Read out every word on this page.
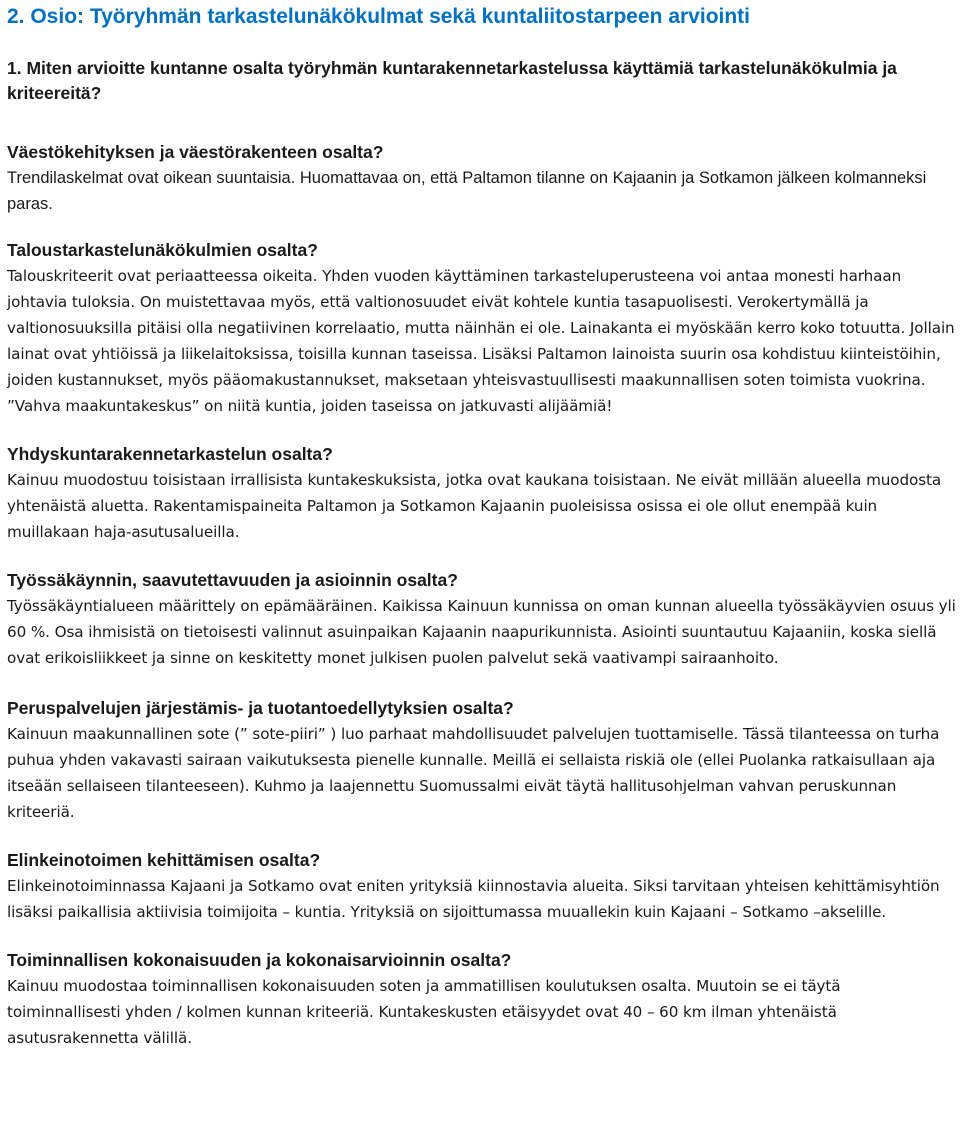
2. Osio: Työryhmän tarkastelunäkökulmat sekä kuntaliitostarpeen arviointi
1. Miten arvioitte kuntanne osalta työryhmän kuntarakennetarkastelussa käyttämiä tarkastelunäkökulmia ja kriteereitä?
Väestökehityksen ja väestörakenteen osalta?

Trendilaskelmat ovat oikean suuntaisia. Huomattavaa on, että Paltamon tilanne on Kajaanin ja Sotkamon jälkeen kolmanneksi paras.

Taloustarkastelunäkökulmien osalta?

Talouskriteerit ovat periaatteessa oikeita. Yhden vuoden käyttäminen tarkasteluperusteena voi antaa monesti harhaan johtavia tuloksia. On muistettavaa myös, että valtionosuudet eivät kohtele kuntia tasapuolisesti. Verokertymällä ja valtionosuuksilla pitäisi olla negatiivinen korrelaatio, mutta näinhän ei ole. Lainakanta ei myöskään kerro koko totuutta. Jollain lainat ovat yhtiöissä ja liikelaitoksissa, toisilla kunnan taseissa. Lisäksi Paltamon lainoista suurin osa kohdistuu kiinteistöihin, joiden kustannukset, myös pääomakustannukset, maksetaan yhteisvastuullisesti maakunnallisen soten toimista vuokrina. ”Vahva maakuntakeskus” on niitä kuntia, joiden taseissa on jatkuvasti alijäämiä!

Yhdyskuntarakennetarkastelun osalta?

Kainuu muodostuu toisistaan irrallisista kuntakeskuksista, jotka ovat kaukana toisistaan. Ne eivät millään alueella muodosta yhtenäistä aluetta. Rakentamispaineita Paltamon ja Sotkamon Kajaanin puoleisissa osissa ei ole ollut enempää kuin muillakaan haja-asutusalueilla.

Työssäkäynnin, saavutettavuuden ja asioinnin osalta?

Työssäkäyntialueen määrittely on epämääräinen. Kaikissa Kainuun kunnissa on oman kunnan alueella työssäkäyvien osuus yli 60 %. Osa ihmisistä on tietoisesti valinnut asuinpaikan Kajaanin naapurikunnista. Asiointi suuntautuu Kajaaniin, koska siellä ovat erikoisliikkeet ja sinne on keskitetty monet julkisen puolen palvelut sekä vaativampi sairaanhoito.

Peruspalvelujen järjestämis- ja tuotantoedellytyksien osalta?

Kainuun maakunnallinen sote (” sote-piiri” ) luo parhaat mahdollisuudet palvelujen tuottamiselle. Tässä tilanteessa on turha puhua yhden vakavasti sairaan vaikutuksesta pienelle kunnalle. Meillä ei sellaista riskiä ole (ellei Puolanka ratkaisullaan aja itseään sellaiseen tilanteeseen). Kuhmo ja laajennettu Suomussalmi eivät täytä hallitusohjelman vahvan peruskunnan kriteeriä.

Elinkeinotoimen kehittämisen osalta?

Elinkeinotoiminnassa Kajaani ja Sotkamo ovat eniten yrityksiä kiinnostavia alueita. Siksi tarvitaan yhteisen kehittämisyhtiön lisäksi paikallisia aktiivisia toimijoita – kuntia. Yrityksiä on sijoittumassa muuallekin kuin Kajaani – Sotkamo –akselille.

Toiminnallisen kokonaisuuden ja kokonaisarvioinnin osalta?

Kainuu muodostaa toiminnallisen kokonaisuuden soten ja ammatillisen koulutuksen osalta. Muutoin se ei täytä toiminnallisesti yhden / kolmen kunnan kriteeriä. Kuntakeskusten etäisyydet ovat 40 – 60 km ilman yhtenäistä asutusrakennetta välillä.
